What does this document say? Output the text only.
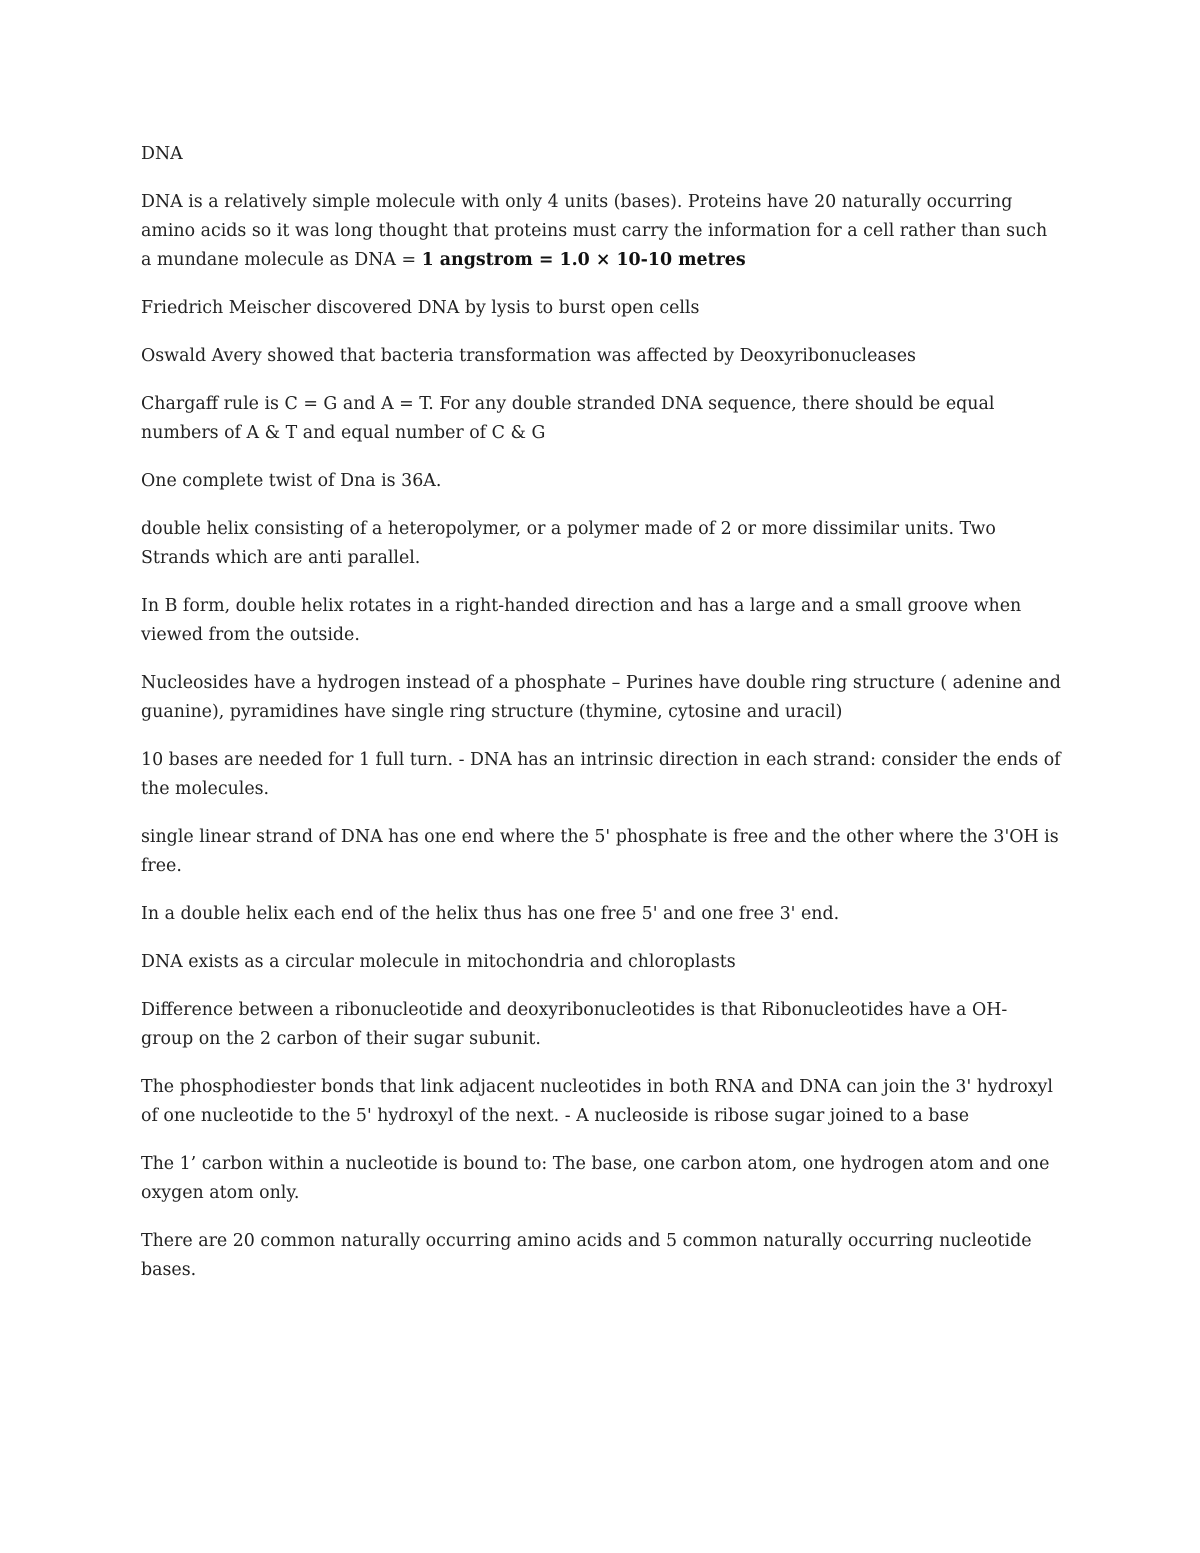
DNA

DNA is a relatively simple molecule with only 4 units (bases). Proteins have 20 naturally occurring amino acids so it was long thought that proteins must carry the information for a cell rather than such a mundane molecule as DNA = 1 angstrom = 1.0 × 10-10 metres

Friedrich Meischer discovered DNA by lysis to burst open cells

Oswald Avery showed that bacteria transformation was affected by Deoxyribonucleases

Chargaff rule is C = G and A = T. For any double stranded DNA sequence, there should be equal numbers of A & T and equal number of C & G

One complete twist of Dna is 36A.

double helix consisting of a heteropolymer, or a polymer made of 2 or more dissimilar units. Two Strands which are anti parallel.

In B form, double helix rotates in a right-handed direction and has a large and a small groove when viewed from the outside.

Nucleosides have a hydrogen instead of a phosphate – Purines have double ring structure ( adenine and guanine), pyramidines have single ring structure (thymine, cytosine and uracil)

10 bases are needed for 1 full turn. - DNA has an intrinsic direction in each strand: consider the ends of the molecules.

single linear strand of DNA has one end where the 5' phosphate is free and the other where the 3'OH is free.

In a double helix each end of the helix thus has one free 5' and one free 3' end.

DNA exists as a circular molecule in mitochondria and chloroplasts

Difference between a ribonucleotide and deoxyribonucleotides is that Ribonucleotides have a OH- group on the 2 carbon of their sugar subunit.

The phosphodiester bonds that link adjacent nucleotides in both RNA and DNA can join the 3' hydroxyl of one nucleotide to the 5' hydroxyl of the next. - A nucleoside is ribose sugar joined to a base

The 1’ carbon within a nucleotide is bound to: The base, one carbon atom, one hydrogen atom and one oxygen atom only.

There are 20 common naturally occurring amino acids and 5 common naturally occurring nucleotide bases.
